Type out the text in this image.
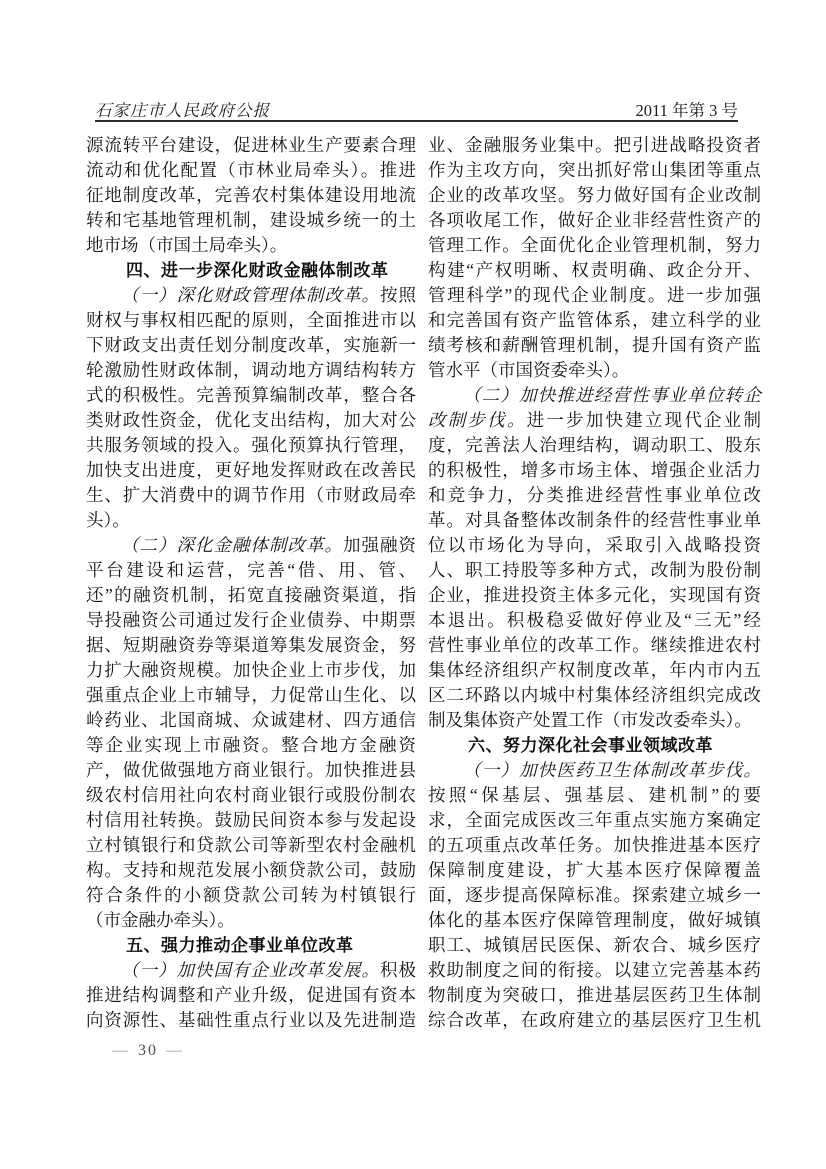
石家庄市人民政府公报	2011 年第 3 号
源流转平台建设，促进林业生产要素合理
流动和优化配置（市林业局牵头）。推进
征地制度改革，完善农村集体建设用地流
转和宅基地管理机制，建设城乡统一的土
地市场（市国土局牵头）。
四、进一步深化财政金融体制改革
（一）深化财政管理体制改革。按照
财权与事权相匹配的原则，全面推进市以
下财政支出责任划分制度改革，实施新一
轮激励性财政体制，调动地方调结构转方
式的积极性。完善预算编制改革，整合各
类财政性资金，优化支出结构，加大对公
共服务领域的投入。强化预算执行管理，
加快支出进度，更好地发挥财政在改善民
生、扩大消费中的调节作用（市财政局牵
头）。
（二）深化金融体制改革。加强融资
平台建设和运营，完善“借、用、管、
还”的融资机制，拓宽直接融资渠道，指
导投融资公司通过发行企业债券、中期票
据、短期融资券等渠道筹集发展资金，努
力扩大融资规模。加快企业上市步伐，加
强重点企业上市辅导，力促常山生化、以
岭药业、北国商城、众诚建材、四方通信
等企业实现上市融资。整合地方金融资
产，做优做强地方商业银行。加快推进县
级农村信用社向农村商业银行或股份制农
村信用社转换。鼓励民间资本参与发起设
立村镇银行和贷款公司等新型农村金融机
构。支持和规范发展小额贷款公司，鼓励
符合条件的小额贷款公司转为村镇银行
（市金融办牵头）。
五、强力推动企事业单位改革
（一）加快国有企业改革发展。积极
推进结构调整和产业升级，促进国有资本
向资源性、基础性重点行业以及先进制造
业、金融服务业集中。把引进战略投资者
作为主攻方向，突出抓好常山集团等重点
企业的改革攻坚。努力做好国有企业改制
各项收尾工作，做好企业非经营性资产的
管理工作。全面优化企业管理机制，努力
构建“产权明晰、权责明确、政企分开、
管理科学”的现代企业制度。进一步加强
和完善国有资产监管体系，建立科学的业
绩考核和薪酬管理机制，提升国有资产监
管水平（市国资委牵头）。
（二）加快推进经营性事业单位转企
改制步伐。进一步加快建立现代企业制
度，完善法人治理结构，调动职工、股东
的积极性，增多市场主体、增强企业活力
和竞争力，分类推进经营性事业单位改
革。对具备整体改制条件的经营性事业单
位以市场化为导向，采取引入战略投资
人、职工持股等多种方式，改制为股份制
企业，推进投资主体多元化，实现国有资
本退出。积极稳妥做好停业及“三无”经
营性事业单位的改革工作。继续推进农村
集体经济组织产权制度改革，年内市内五
区二环路以内城中村集体经济组织完成改
制及集体资产处置工作（市发改委牵头）。
六、努力深化社会事业领域改革
（一）加快医药卫生体制改革步伐。
按照“保基层、强基层、建机制”的要
求，全面完成医改三年重点实施方案确定
的五项重点改革任务。加快推进基本医疗
保障制度建设，扩大基本医疗保障覆盖
面，逐步提高保障标准。探索建立城乡一
体化的基本医疗保障管理制度，做好城镇
职工、城镇居民医保、新农合、城乡医疗
救助制度之间的衔接。以建立完善基本药
物制度为突破口，推进基层医药卫生体制
综合改革，在政府建立的基层医疗卫生机
— 30 —
